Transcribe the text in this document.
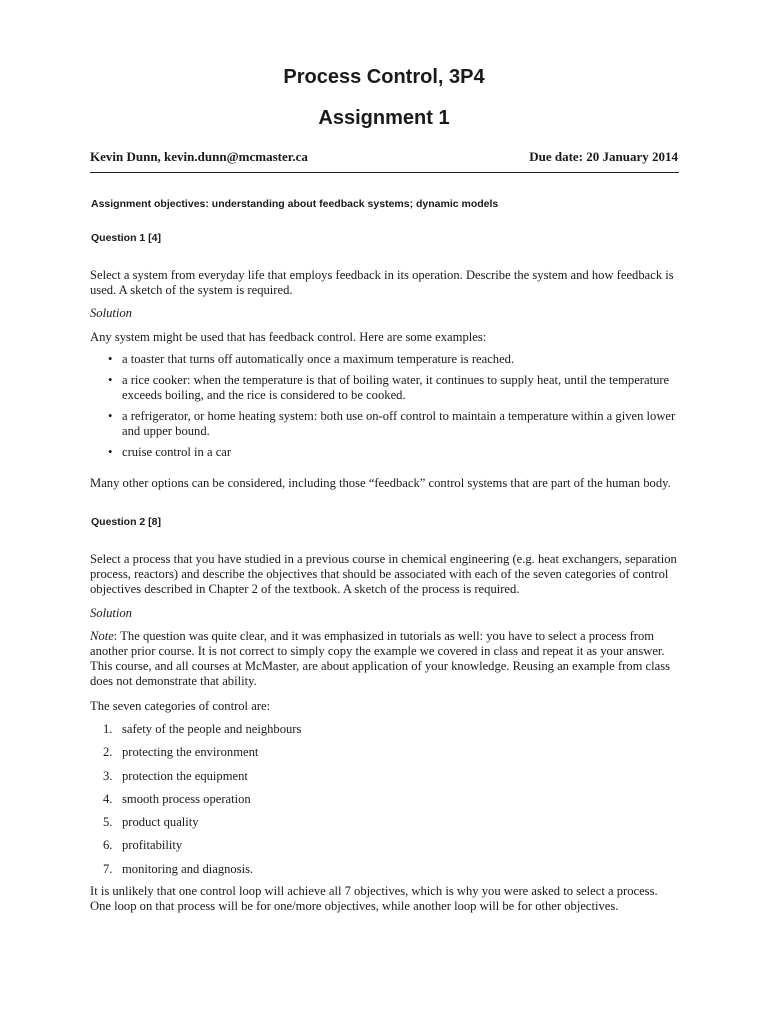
Process Control, 3P4
Assignment 1
Kevin Dunn, kevin.dunn@mcmaster.ca	Due date: 20 January 2014

Assignment objectives: understanding about feedback systems; dynamic models

Question 1 [4]

Select a system from everyday life that employs feedback in its operation. Describe the system and how feedback is used. A sketch of the system is required.

Solution

Any system might be used that has feedback control. Here are some examples:

• a toaster that turns off automatically once a maximum temperature is reached.
• a rice cooker: when the temperature is that of boiling water, it continues to supply heat, until the temperature exceeds boiling, and the rice is considered to be cooked.
• a refrigerator, or home heating system: both use on-off control to maintain a temperature within a given lower and upper bound.
• cruise control in a car

Many other options can be considered, including those “feedback” control systems that are part of the human body.

Question 2 [8]

Select a process that you have studied in a previous course in chemical engineering (e.g. heat exchangers, separation process, reactors) and describe the objectives that should be associated with each of the seven categories of control objectives described in Chapter 2 of the textbook. A sketch of the process is required.

Solution

Note: The question was quite clear, and it was emphasized in tutorials as well: you have to select a process from another prior course. It is not correct to simply copy the example we covered in class and repeat it as your answer. This course, and all courses at McMaster, are about application of your knowledge. Reusing an example from class does not demonstrate that ability.

The seven categories of control are:

1. safety of the people and neighbours
2. protecting the environment
3. protection the equipment
4. smooth process operation
5. product quality
6. profitability
7. monitoring and diagnosis.

It is unlikely that one control loop will achieve all 7 objectives, which is why you were asked to select a process. One loop on that process will be for one/more objectives, while another loop will be for other objectives.
